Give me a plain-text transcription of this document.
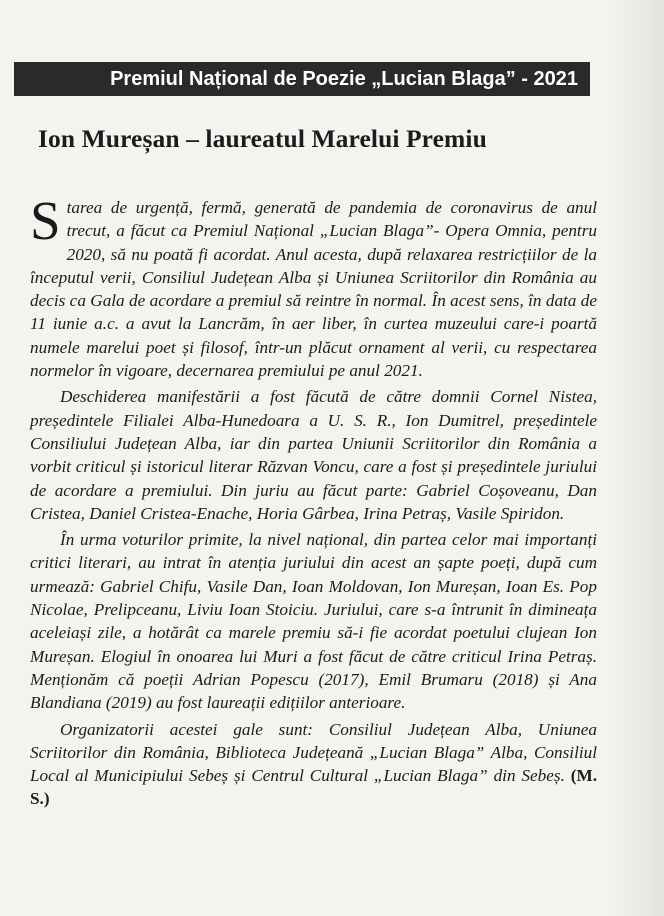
Premiul Național de Poezie „Lucian Blaga” - 2021
Ion Mureșan – laureatul Marelui Premiu

Starea de urgență, fermă, generată de pandemia de coronavirus de anul trecut, a făcut ca Premiul Național „Lucian Blaga”- Opera Omnia, pentru 2020, să nu poată fi acordat. Anul acesta, după relaxarea restricțiilor de la începutul verii, Consiliul Județean Alba și Uniunea Scriitorilor din România au decis ca Gala de acordare a premiul să reintre în normal. În acest sens, în data de 11 iunie a.c. a avut la Lancrăm, în aer liber, în curtea muzeului care-i poartă numele marelui poet și filosof, într-un plăcut ornament al verii, cu respectarea normelor în vigoare, decernarea premiului pe anul 2021.

Deschiderea manifestării a fost făcută de către domnii Cornel Nistea, președintele Filialei Alba-Hunedoara a U. S. R., Ion Dumitrel, președintele Consiliului Județean Alba, iar din partea Uniunii Scriitorilor din România a vorbit criticul și istoricul literar Răzvan Voncu, care a fost și președintele juriului de acordare a premiului. Din juriu au făcut parte: Gabriel Coșoveanu, Dan Cristea, Daniel Cristea-Enache, Horia Gârbea, Irina Petraș, Vasile Spiridon.

În urma voturilor primite, la nivel național, din partea celor mai importanți critici literari, au intrat în atenția juriului din acest an șapte poeți, după cum urmează: Gabriel Chifu, Vasile Dan, Ioan Moldovan, Ion Mureșan, Ioan Es. Pop Nicolae, Prelipceanu, Liviu Ioan Stoiciu. Juriului, care s-a întrunit în dimineața aceleiași zile, a hotărât ca marele premiu să-i fie acordat poetului clujean Ion Mureșan. Elogiul în onoarea lui Muri a fost făcut de către criticul Irina Petraș. Menționăm că poeții Adrian Popescu (2017), Emil Brumaru (2018) și Ana Blandiana (2019) au fost laureații edițiilor anterioare.

Organizatorii acestei gale sunt: Consiliul Județean Alba, Uniunea Scriitorilor din România, Biblioteca Județeană „Lucian Blaga” Alba, Consiliul Local al Municipiului Sebeș și Centrul Cultural „Lucian Blaga” din Sebeș. (M. S.)
